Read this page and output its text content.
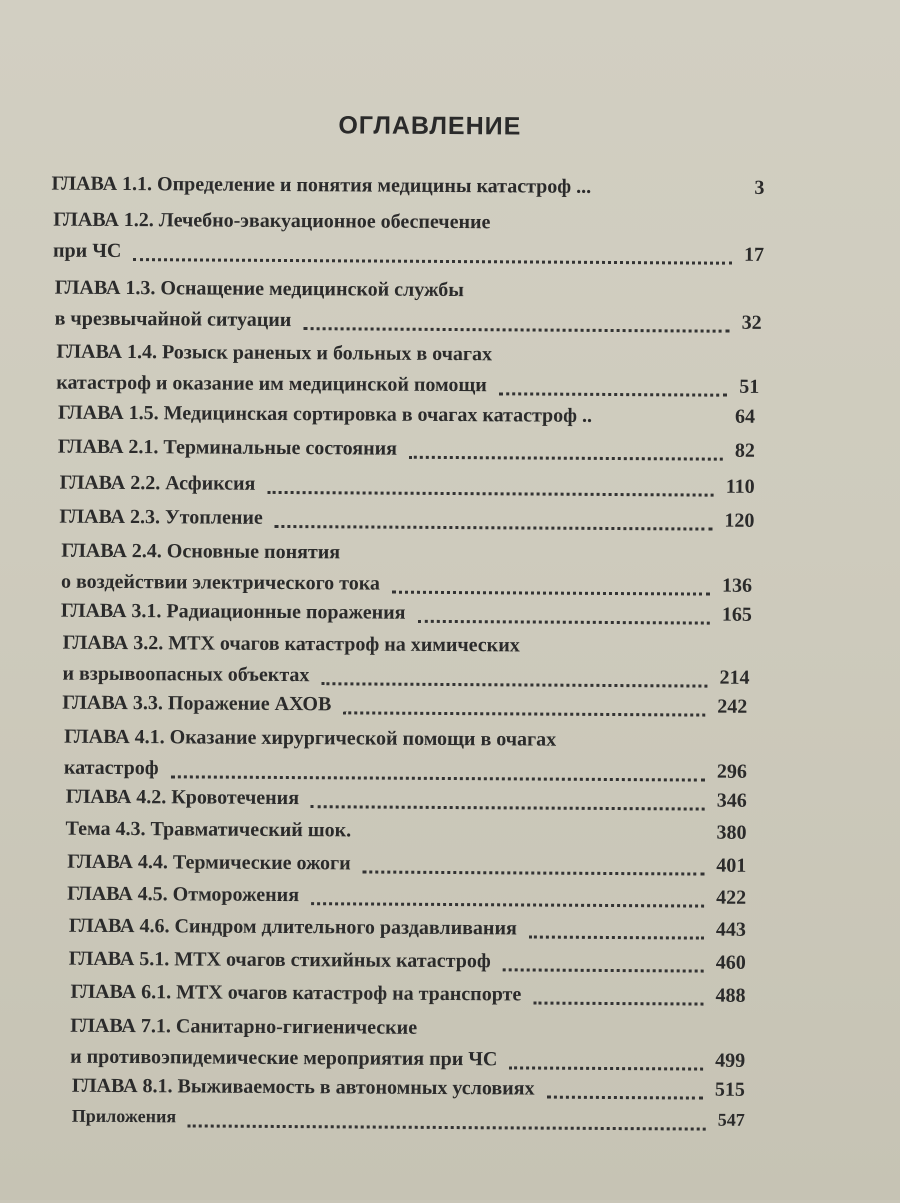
ОГЛАВЛЕНИЕ
ГЛАВА 1.1. Определение и понятия медицины катастроф ...	3
ГЛАВА 1.2. Лечебно-эвакуационное обеспечение
при ЧС	17
ГЛАВА 1.3. Оснащение медицинской службы
в чрезвычайной ситуации	32
ГЛАВА 1.4. Розыск раненых и больных в очагах
катастроф и оказание им медицинской помощи	51
ГЛАВА 1.5. Медицинская сортировка в очагах катастроф ..	64
ГЛАВА 2.1. Терминальные состояния	82
ГЛАВА 2.2. Асфиксия	110
ГЛАВА 2.3. Утопление	120
ГЛАВА 2.4. Основные понятия
о воздействии электрического тока	136
ГЛАВА 3.1. Радиационные поражения	165
ГЛАВА 3.2. МТХ очагов катастроф на химических
и взрывоопасных объектах	214
ГЛАВА 3.3. Поражение АХОВ	242
ГЛАВА 4.1. Оказание хирургической помощи в очагах
катастроф	296
ГЛАВА 4.2. Кровотечения	346
Тема 4.3. Травматический шок.	380
ГЛАВА 4.4. Термические ожоги	401
ГЛАВА 4.5. Отморожения	422
ГЛАВА 4.6. Синдром длительного раздавливания	443
ГЛАВА 5.1. МТХ очагов стихийных катастроф	460
ГЛАВА 6.1. МТХ очагов катастроф на транспорте	488
ГЛАВА 7.1. Санитарно-гигиенические
и противоэпидемические мероприятия при ЧС	499
ГЛАВА 8.1. Выживаемость в автономных условиях	515
Приложения	547
